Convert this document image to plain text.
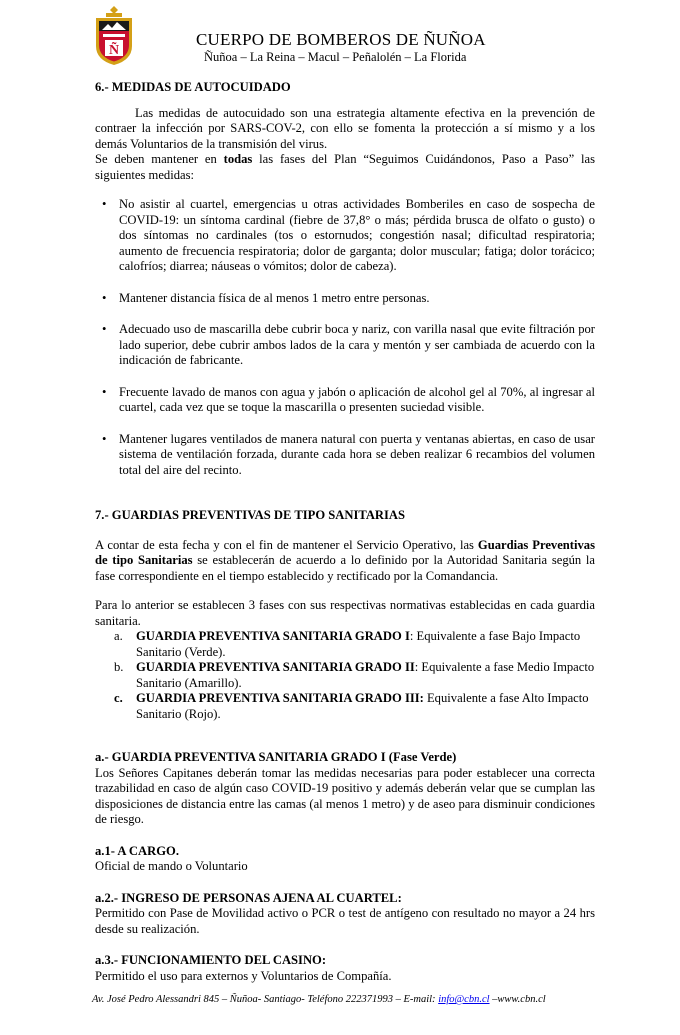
Ñ
CUERPO DE BOMBEROS DE ÑUÑOA
Ñuñoa – La Reina – Macul – Peñalolén – La Florida
6.- MEDIDAS DE AUTOCUIDADO

Las medidas de autocuidado son una estrategia altamente efectiva en la prevención de contraer la infección por SARS-COV-2, con ello se fomenta la protección a sí mismo y a los demás Voluntarios de la transmisión del virus.

Se deben mantener en todas las fases del Plan “Seguimos Cuidándonos, Paso a Paso” las siguientes medidas:

• No asistir al cuartel, emergencias u otras actividades Bomberiles en caso de sospecha de COVID-19: un síntoma cardinal (fiebre de 37,8° o más; pérdida brusca de olfato o gusto) o dos síntomas no cardinales (tos o estornudos; congestión nasal; dificultad respiratoria; aumento de frecuencia respiratoria; dolor de garganta; dolor muscular; fatiga; dolor torácico; calofríos; diarrea; náuseas o vómitos; dolor de cabeza).
• Mantener distancia física de al menos 1 metro entre personas.
• Adecuado uso de mascarilla debe cubrir boca y nariz, con varilla nasal que evite filtración por lado superior, debe cubrir ambos lados de la cara y mentón y ser cambiada de acuerdo con la indicación de fabricante.
• Frecuente lavado de manos con agua y jabón o aplicación de alcohol gel al 70%, al ingresar al cuartel, cada vez que se toque la mascarilla o presenten suciedad visible.
• Mantener lugares ventilados de manera natural con puerta y ventanas abiertas, en caso de usar sistema de ventilación forzada, durante cada hora se deben realizar 6 recambios del volumen total del aire del recinto.
7.- GUARDIAS PREVENTIVAS DE TIPO SANITARIAS

A contar de esta fecha y con el fin de mantener el Servicio Operativo, las Guardias Preventivas de tipo Sanitarias se establecerán de acuerdo a lo definido por la Autoridad Sanitaria según la fase correspondiente en el tiempo establecido y rectificado por la Comandancia.

Para lo anterior se establecen 3 fases con sus respectivas normativas establecidas en cada guardia sanitaria.

a. GUARDIA PREVENTIVA SANITARIA GRADO I: Equivalente a fase Bajo Impacto Sanitario (Verde).
b. GUARDIA PREVENTIVA SANITARIA GRADO II: Equivalente a fase Medio Impacto Sanitario (Amarillo).
c. GUARDIA PREVENTIVA SANITARIA GRADO III: Equivalente a fase Alto Impacto Sanitario (Rojo).
a.- GUARDIA PREVENTIVA SANITARIA GRADO I (Fase Verde)

Los Señores Capitanes deberán tomar las medidas necesarias para poder establecer una correcta trazabilidad en caso de algún caso COVID-19 positivo y además deberán velar que se cumplan las disposiciones de distancia entre las camas (al menos 1 metro) y de aseo para disminuir condiciones de riesgo.

a.1- A CARGO.

Oficial de mando o Voluntario

a.2.- INGRESO DE PERSONAS AJENA AL CUARTEL:

Permitido con Pase de Movilidad activo o PCR o test de antígeno con resultado no mayor a 24 hrs desde su realización.

a.3.- FUNCIONAMIENTO DEL CASINO:

Permitido el uso para externos y Voluntarios de Compañía.

Av. José Pedro Alessandri 845 – Ñuñoa- Santiago- Teléfono 222371993 – E-mail: info@cbn.cl –www.cbn.cl
